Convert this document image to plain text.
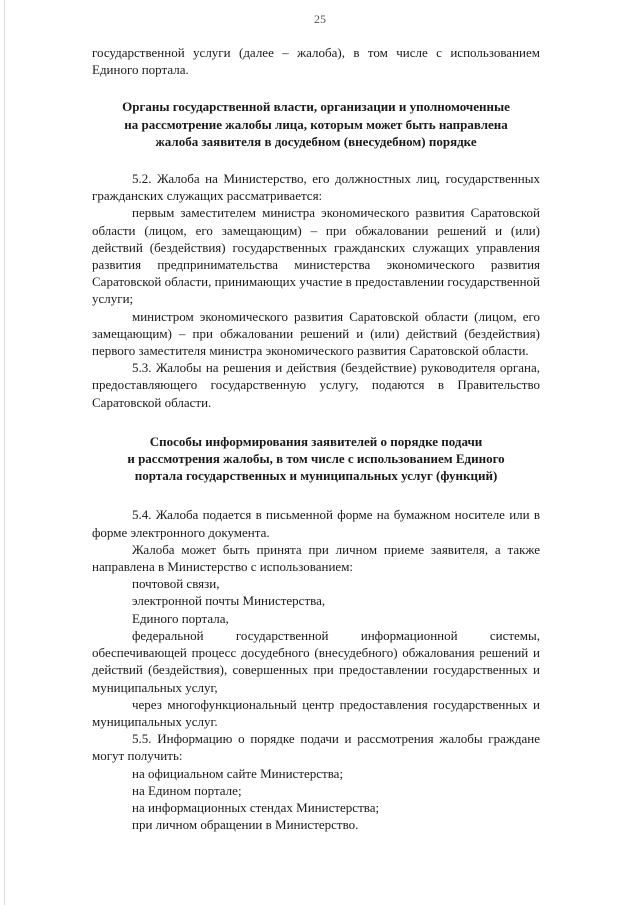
25

государственной услуги (далее – жалоба), в том числе с использованием Единого портала.

Органы государственной власти, организации и уполномоченные
на рассмотрение жалобы лица, которым может быть направлена
жалоба заявителя в досудебном (внесудебном) порядке

5.2. Жалоба на Министерство, его должностных лиц, государственных гражданских служащих рассматривается:

первым заместителем министра экономического развития Саратовской области (лицом, его замещающим) – при обжаловании решений и (или) действий (бездействия) государственных гражданских служащих управления развития предпринимательства министерства экономического развития Саратовской области, принимающих участие в предоставлении государственной услуги;

министром экономического развития Саратовской области (лицом, его замещающим) – при обжаловании решений и (или) действий (бездействия) первого заместителя министра экономического развития Саратовской области.

5.3. Жалобы на решения и действия (бездействие) руководителя органа, предоставляющего государственную услугу, подаются в Правительство Саратовской области.

Способы информирования заявителей о порядке подачи
и рассмотрения жалобы, в том числе с использованием Единого
портала государственных и муниципальных услуг (функций)

5.4. Жалоба подается в письменной форме на бумажном носителе или в форме электронного документа.

Жалоба может быть принята при личном приеме заявителя, а также направлена в Министерство с использованием:

почтовой связи,

электронной почты Министерства,

Единого портала,

федеральной государственной информационной системы, обеспечивающей процесс досудебного (внесудебного) обжалования решений и действий (бездействия), совершенных при предоставлении государственных и муниципальных услуг,

через многофункциональный центр предоставления государственных и муниципальных услуг.

5.5. Информацию о порядке подачи и рассмотрения жалобы граждане могут получить:

на официальном сайте Министерства;

на Едином портале;

на информационных стендах Министерства;

при личном обращении в Министерство.
